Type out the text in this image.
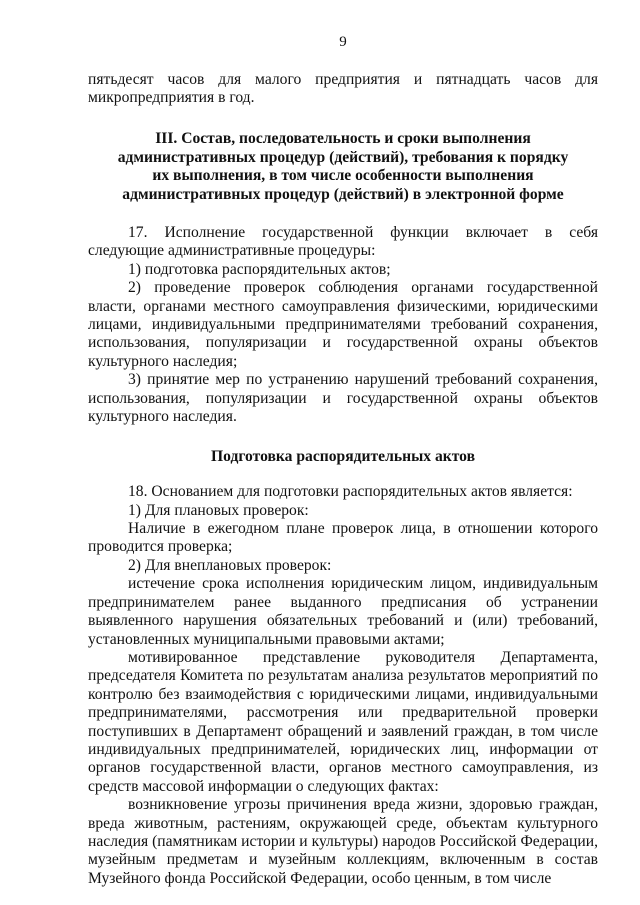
9

пятьдесят часов для малого предприятия и пятнадцать часов для микропредприятия в год.

III. Состав, последовательность и сроки выполнения

административных процедур (действий), требования к порядку

их выполнения, в том числе особенности выполнения

административных процедур (действий) в электронной форме

17. Исполнение государственной функции включает в себя следующие административные процедуры:

1) подготовка распорядительных актов;

2) проведение проверок соблюдения органами государственной власти, органами местного самоуправления физическими, юридическими лицами, индивидуальными предпринимателями требований сохранения, использования, популяризации и государственной охраны объектов культурного наследия;

3) принятие мер по устранению нарушений требований сохранения, использования, популяризации и государственной охраны объектов культурного наследия.

Подготовка распорядительных актов

18. Основанием для подготовки распорядительных актов является:

1) Для плановых проверок:

Наличие в ежегодном плане проверок лица, в отношении которого проводится проверка;

2) Для внеплановых проверок:

истечение срока исполнения юридическим лицом, индивидуальным предпринимателем ранее выданного предписания об устранении выявленного нарушения обязательных требований и (или) требований, установленных муниципальными правовыми актами;

мотивированное представление руководителя Департамента, председателя Комитета по результатам анализа результатов мероприятий по контролю без взаимодействия с юридическими лицами, индивидуальными предпринимателями, рассмотрения или предварительной проверки поступивших в Департамент обращений и заявлений граждан, в том числе индивидуальных предпринимателей, юридических лиц, информации от органов государственной власти, органов местного самоуправления, из средств массовой информации о следующих фактах:

возникновение угрозы причинения вреда жизни, здоровью граждан, вреда животным, растениям, окружающей среде, объектам культурного наследия (памятникам истории и культуры) народов Российской Федерации, музейным предметам и музейным коллекциям, включенным в состав Музейного фонда Российской Федерации, особо ценным, в том числе
